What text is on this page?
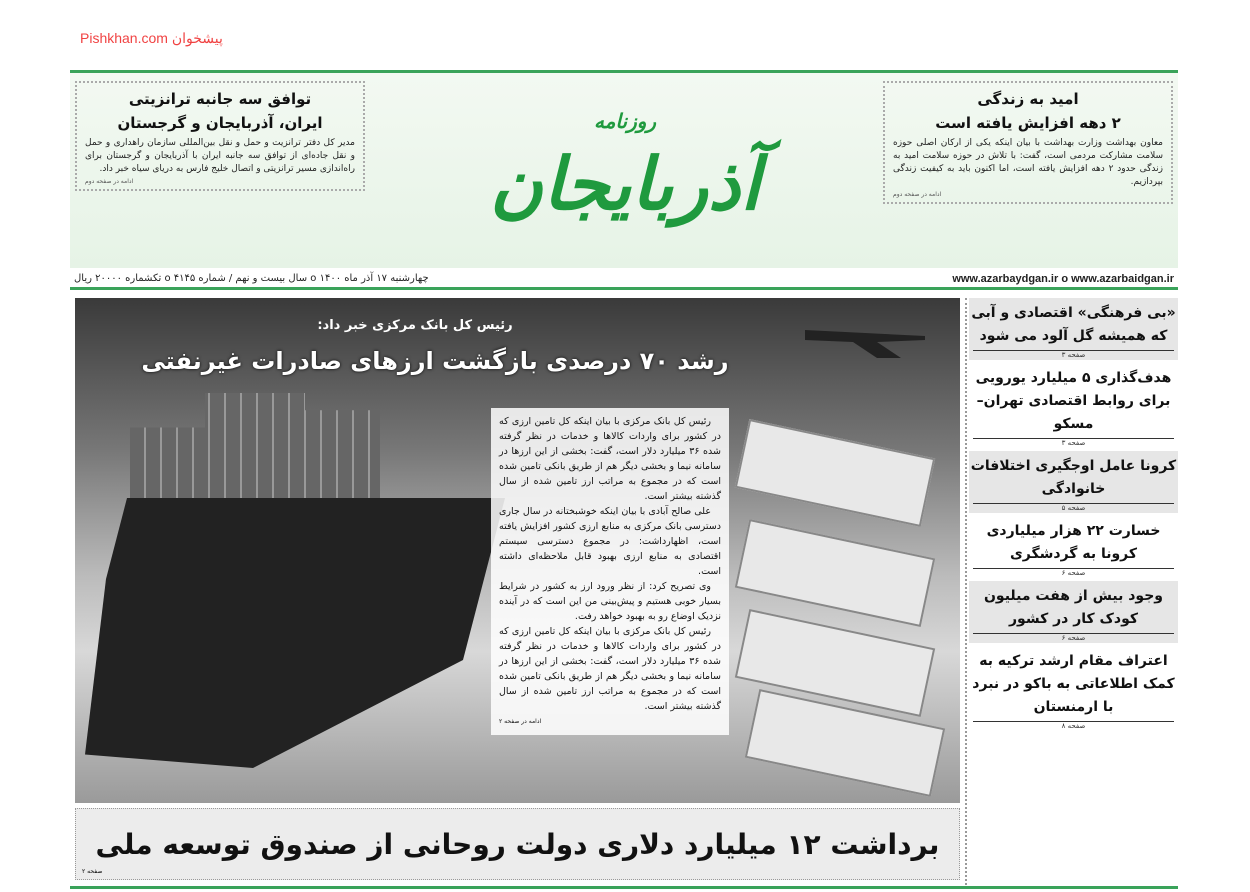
پیشخوان Pishkhan.com
امید به زندگی
۲ دهه افزایش یافته است

معاون بهداشت وزارت بهداشت با بیان اینکه یکی از ارکان اصلی حوزه سلامت مشارکت مردمی است، گفت: با تلاش در حوزه سلامت امید به زندگی حدود ۲ دهه افزایش یافته است، اما اکنون باید به کیفیت زندگی بپردازیم.

ادامه در صفحه دوم
روزنامه
آذربایجان
توافق سه جانبه ترانزیتی
ایران، آذربایجان و گرجستان

مدیر کل دفتر ترانزیت و حمل و نقل بین‌المللی سازمان راهداری و حمل و نقل جاده‌ای از توافق سه جانبه ایران با آذربایجان و گرجستان برای راه‌اندازی مسیر ترانزیتی و اتصال خلیج فارس به دریای سیاه خبر داد.

ادامه در صفحه دوم
www.azarbaydgan.ir o www.azarbaidgan.ir
چهارشنبه ۱۷ آذر ماه ۱۴۰۰ o سال بیست و نهم / شماره ۴۱۴۵ o تکشماره ۲۰۰۰۰ ریال
رئیس کل بانک مرکزی خبر داد:
رشد ۷۰ درصدی بازگشت ارزهای صادرات غیرنفتی

رئیس کل بانک مرکزی با بیان اینکه کل تامین ارزی که در کشور برای واردات کالاها و خدمات در نظر گرفته شده ۳۶ میلیارد دلار است، گفت: بخشی از این ارزها در سامانه نیما و بخشی دیگر هم از طریق بانکی تامین شده است که در مجموع به مراتب ارز تامین شده از سال گذشته بیشتر است.

علی صالح آبادی با بیان اینکه خوشبختانه در سال جاری دسترسی بانک مرکزی به منابع ارزی کشور افزایش یافته است، اظهارداشت: در مجموع دسترسی سیستم اقتصادی به منابع ارزی بهبود قابل ملاحظه‌ای داشته است.

وی تصریح کرد: از نظر ورود ارز به کشور در شرایط بسیار خوبی هستیم و پیش‌بینی من این است که در آینده نزدیک اوضاع رو به بهبود خواهد رفت.

رئیس کل بانک مرکزی با بیان اینکه کل تامین ارزی که در کشور برای واردات کالاها و خدمات در نظر گرفته شده ۳۶ میلیارد دلار است، گفت: بخشی از این ارزها در سامانه نیما و بخشی دیگر هم از طریق بانکی تامین شده است که در مجموع به مراتب ارز تامین شده از سال گذشته بیشتر است.

ادامه در صفحه ۲
برداشت ۱۲ میلیارد دلاری دولت روحانی از صندوق توسعه ملی
صفحه ۲
«بی فرهنگی» اقتصادی و آبی که همیشه گل آلود می شود
صفحه ۳
هدف‌گذاری ۵ میلیارد یورویی برای روابط اقتصادی تهران–مسکو
صفحه ۳
کرونا عامل اوجگیری اختلافات خانوادگی
صفحه ۵
خسارت ۲۲ هزار میلیاردی کرونا به گردشگری
صفحه ۶
وجود بیش از هفت میلیون کودک کار در کشور
صفحه ۶
اعتراف مقام ارشد ترکیه به کمک اطلاعاتی به باکو در نبرد با ارمنستان
صفحه ۸
